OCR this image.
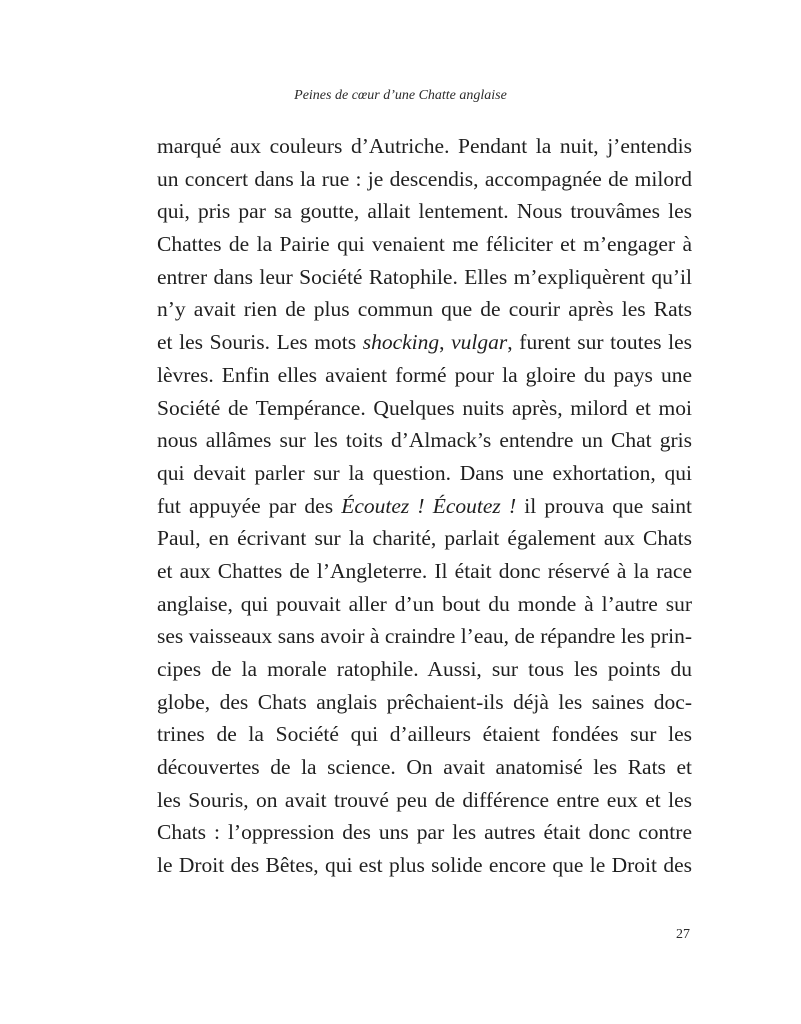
Peines de cœur d’une Chatte anglaise
marqué aux couleurs d’Autriche. Pendant la nuit, j’entendis
un concert dans la rue : je descendis, accompagnée de milord
qui, pris par sa goutte, allait lentement. Nous trouvâmes les
Chattes de la Pairie qui venaient me féliciter et m’engager à
entrer dans leur Société Ratophile. Elles m’expliquèrent qu’il
n’y avait rien de plus commun que de courir après les Rats
et les Souris. Les mots shocking, vulgar, furent sur toutes les
lèvres. Enfin elles avaient formé pour la gloire du pays une
Société de Tempérance. Quelques nuits après, milord et moi
nous allâmes sur les toits d’Almack’s entendre un Chat gris
qui devait parler sur la question. Dans une exhortation, qui
fut appuyée par des Écoutez ! Écoutez ! il prouva que saint
Paul, en écrivant sur la charité, parlait également aux Chats
et aux Chattes de l’Angleterre. Il était donc réservé à la race
anglaise, qui pouvait aller d’un bout du monde à l’autre sur
ses vaisseaux sans avoir à craindre l’eau, de répandre les prin-
cipes de la morale ratophile. Aussi, sur tous les points du
globe, des Chats anglais prêchaient-ils déjà les saines doc-
trines de la Société qui d’ailleurs étaient fondées sur les
découvertes de la science. On avait anatomisé les Rats et
les Souris, on avait trouvé peu de différence entre eux et les
Chats : l’oppression des uns par les autres était donc contre
le Droit des Bêtes, qui est plus solide encore que le Droit des
27
